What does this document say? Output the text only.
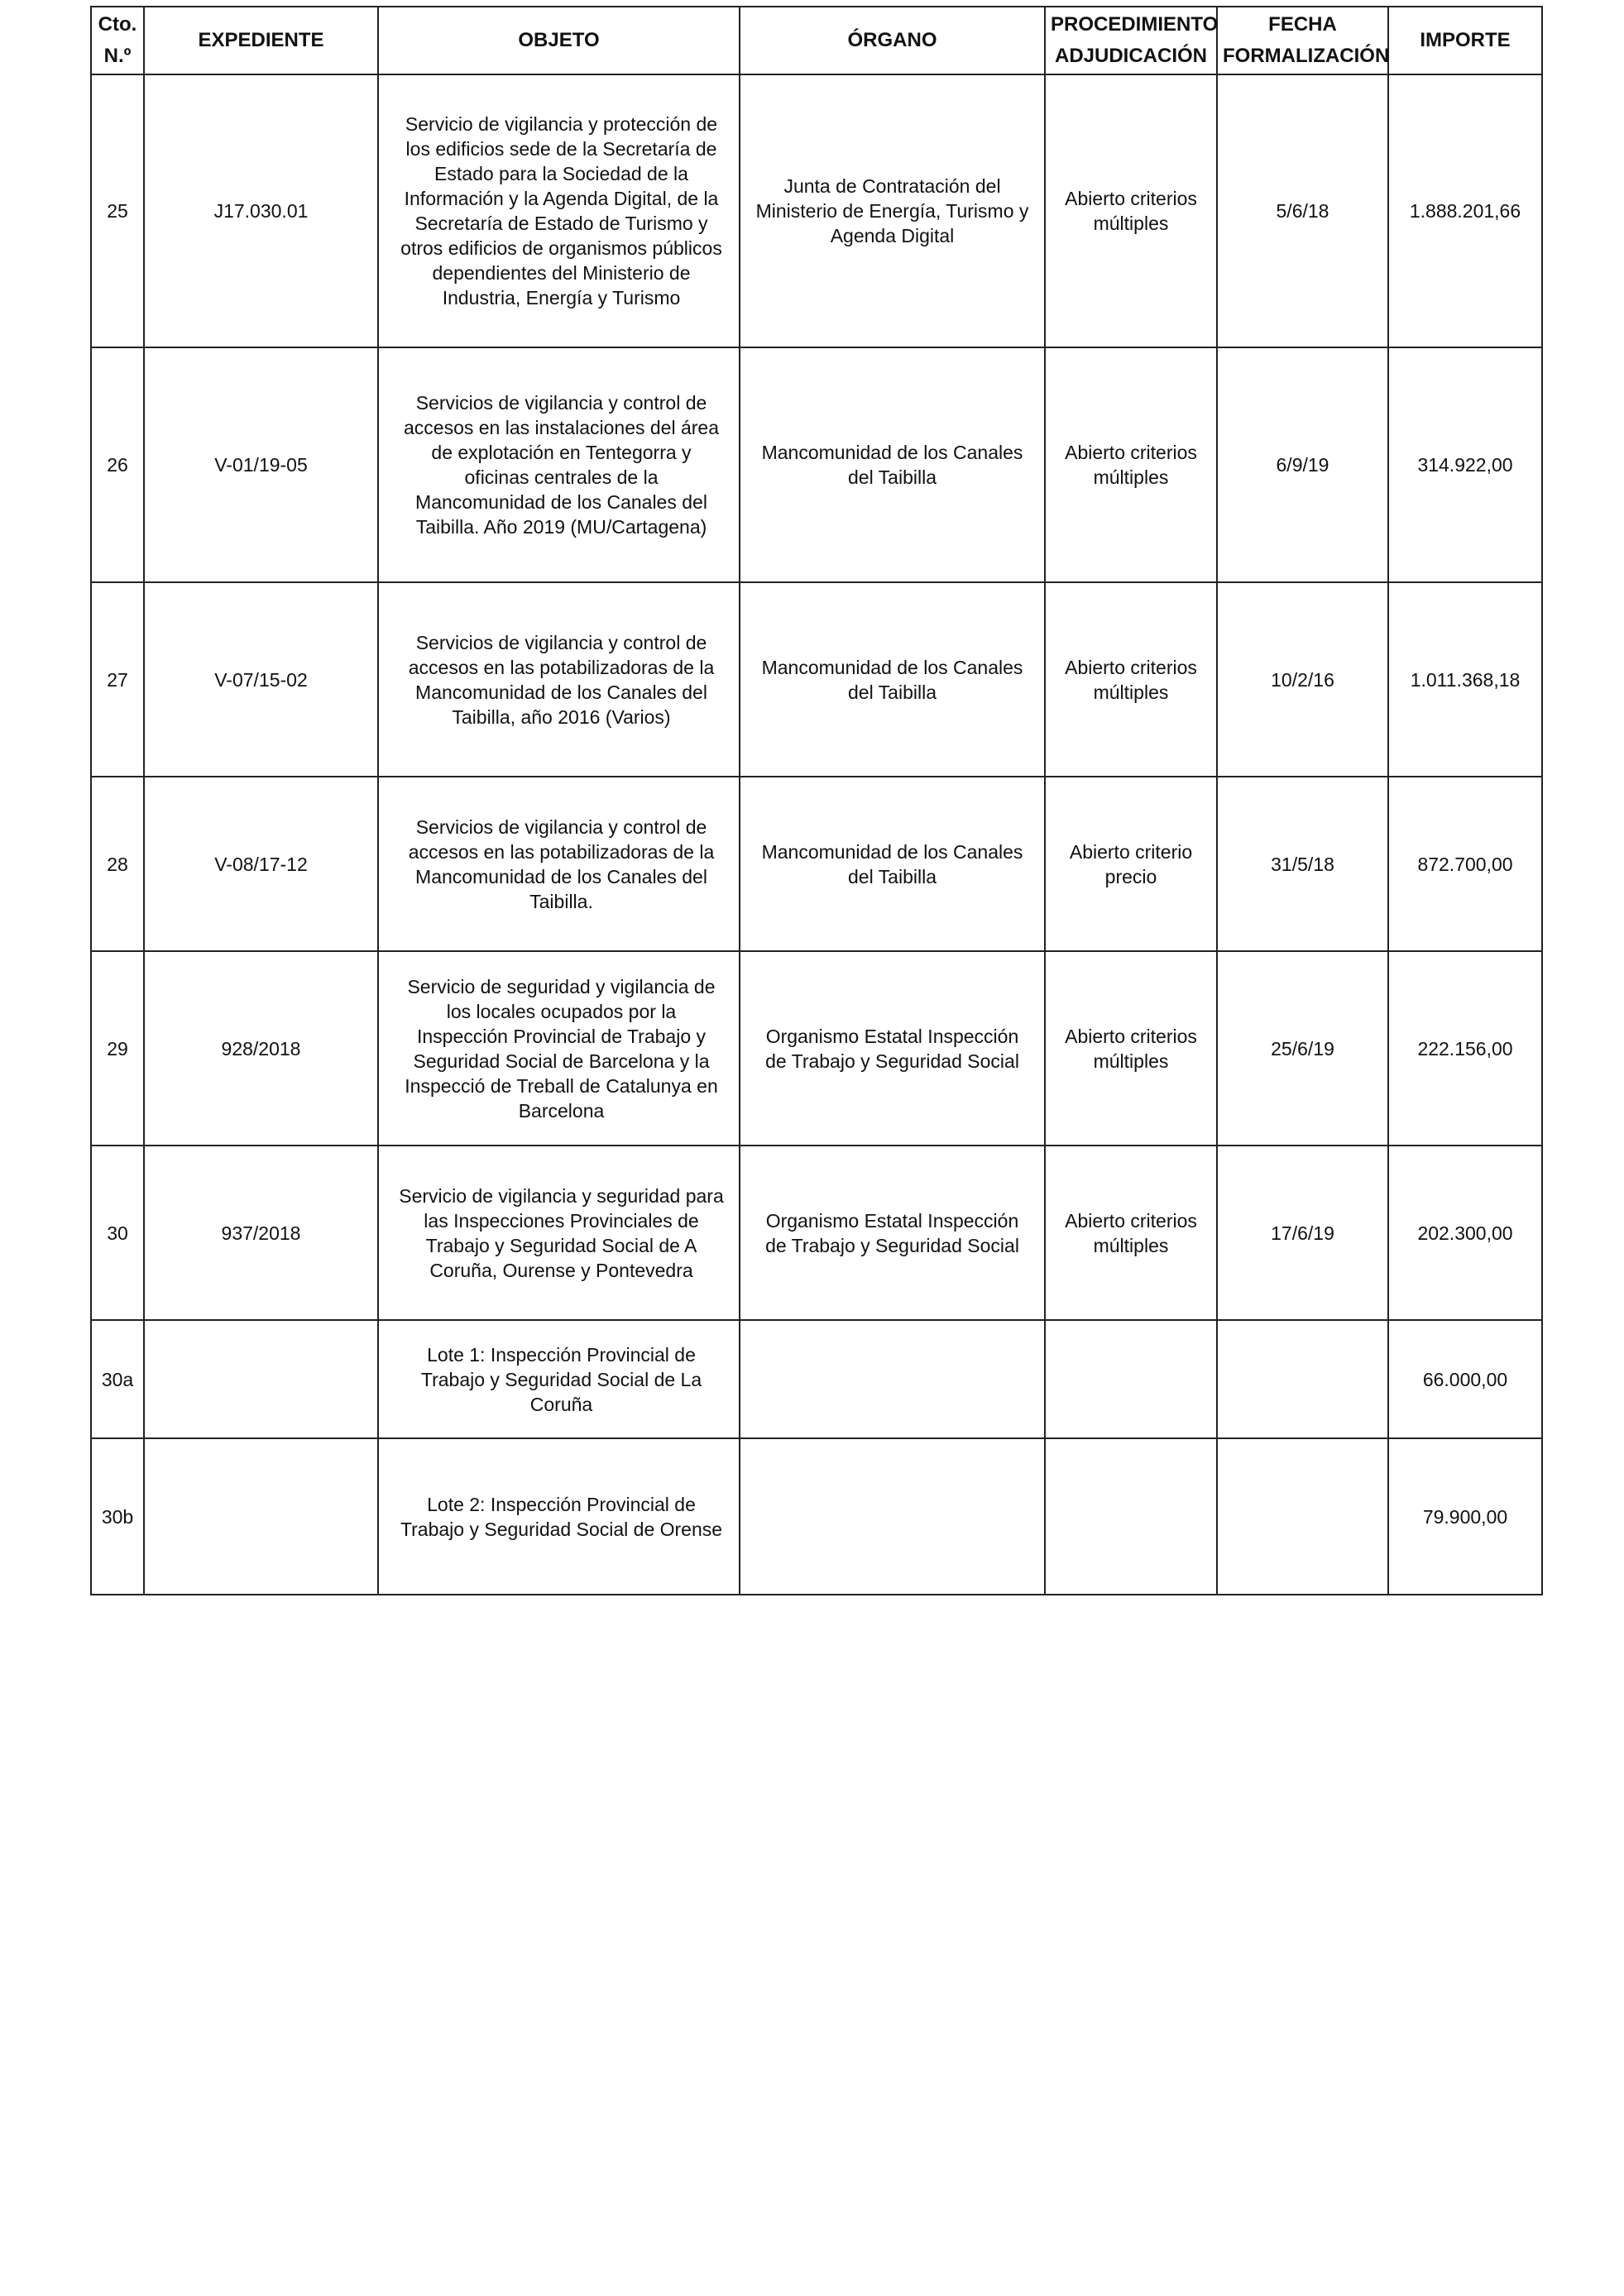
Cto. N.º	EXPEDIENTE	OBJETO	ÓRGANO	PROCEDIMIENTO ADJUDICACIÓN	FECHA FORMALIZACIÓN	IMPORTE
25	J17.030.01	Servicio de vigilancia y protección de los edificios sede de la Secretaría de Estado para la Sociedad de la Información y la Agenda Digital, de la Secretaría de Estado de Turismo y otros edificios de organismos públicos dependientes del Ministerio de Industria, Energía y Turismo	Junta de Contratación del Ministerio de Energía, Turismo y Agenda Digital	Abierto criterios múltiples	5/6/18	1.888.201,66
26	V-01/19-05	Servicios de vigilancia y control de accesos en las instalaciones del área de explotación en Tentegorra y oficinas centrales de la Mancomunidad de los Canales del Taibilla. Año 2019 (MU/Cartagena)	Mancomunidad de los Canales del Taibilla	Abierto criterios múltiples	6/9/19	314.922,00
27	V-07/15-02	Servicios de vigilancia y control de accesos en las potabilizadoras de la Mancomunidad de los Canales del Taibilla, año 2016 (Varios)	Mancomunidad de los Canales del Taibilla	Abierto criterios múltiples	10/2/16	1.011.368,18
28	V-08/17-12	Servicios de vigilancia y control de accesos en las potabilizadoras de la Mancomunidad de los Canales del Taibilla.	Mancomunidad de los Canales del Taibilla	Abierto criterio precio	31/5/18	872.700,00
29	928/2018	Servicio de seguridad y vigilancia de los locales ocupados por la Inspección Provincial de Trabajo y Seguridad Social de Barcelona y la Inspecció de Treball de Catalunya en Barcelona	Organismo Estatal Inspección de Trabajo y Seguridad Social	Abierto criterios múltiples	25/6/19	222.156,00
30	937/2018	Servicio de vigilancia y seguridad para las Inspecciones Provinciales de Trabajo y Seguridad Social de A Coruña, Ourense y Pontevedra	Organismo Estatal Inspección de Trabajo y Seguridad Social	Abierto criterios múltiples	17/6/19	202.300,00
30a		Lote 1: Inspección Provincial de Trabajo y Seguridad Social de La Coruña				66.000,00
30b		Lote 2: Inspección Provincial de Trabajo y Seguridad Social de Orense				79.900,00
